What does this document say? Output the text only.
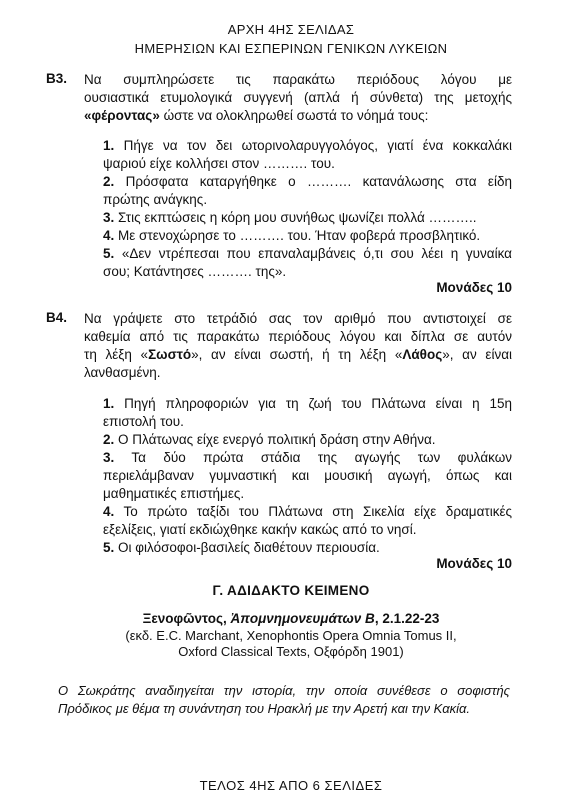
ΑΡΧΗ 4ΗΣ ΣΕΛΙΔΑΣ
ΗΜΕΡΗΣΙΩΝ ΚΑΙ ΕΣΠΕΡΙΝΩΝ ΓΕΝΙΚΩΝ ΛΥΚΕΙΩΝ
Β3. Να συμπληρώσετε τις παρακάτω περιόδους λόγου με
ουσιαστικά ετυμολογικά συγγενή (απλά ή σύνθετα) της μετοχής
«φέροντας» ώστε να ολοκληρωθεί σωστά το νόημά τους:
1. Πήγε να τον δει ωτορινολαρυγγολόγος, γιατί ένα κοκκαλάκι
ψαριού είχε κολλήσει στον ………. του.
2. Πρόσφατα καταργήθηκε ο ………. κατανάλωσης στα είδη
πρώτης ανάγκης.
3. Στις εκπτώσεις η κόρη μου συνήθως ψωνίζει πολλά ………..
4. Με στενοχώρησε το ………. του. Ήταν φοβερά προσβλητικό.
5. «Δεν ντρέπεσαι που επαναλαμβάνεις ό,τι σου λέει η γυναίκα
σου; Κατάντησες ………. της».
Μονάδες 10
Β4. Να γράψετε στο τετράδιό σας τον αριθμό που αντιστοιχεί σε
καθεμία από τις παρακάτω περιόδους λόγου και δίπλα σε αυτόν
τη λέξη «Σωστό», αν είναι σωστή, ή τη λέξη «Λάθος», αν είναι
λανθασμένη.
1. Πηγή πληροφοριών για τη ζωή του Πλάτωνα είναι η 15η
επιστολή του.
2. Ο Πλάτωνας είχε ενεργό πολιτική δράση στην Αθήνα.
3. Τα δύο πρώτα στάδια της αγωγής των φυλάκων
περιελάμβαναν γυμναστική και μουσική αγωγή, όπως και
μαθηματικές επιστήμες.
4. Το πρώτο ταξίδι του Πλάτωνα στη Σικελία είχε δραματικές
εξελίξεις, γιατί εκδιώχθηκε κακήν κακώς από το νησί.
5. Οι φιλόσοφοι-βασιλείς διαθέτουν περιουσία.
Μονάδες 10
Γ. ΑΔΙΔΑΚΤΟ ΚΕΙΜΕΝΟ
Ξενοφῶντος, Ἀπομνημονευμάτων Β, 2.1.22-23
(εκδ. E.C. Marchant, Xenophontis Opera Omnia Tomus II,
Oxford Classical Texts, Οξφόρδη 1901)
Ο Σωκράτης αναδιηγείται την ιστορία, την οποία συνέθεσε ο σοφιστής
Πρόδικος με θέμα τη συνάντηση του Ηρακλή με την Αρετή και την Κακία.
ΤΕΛΟΣ 4ΗΣ ΑΠΟ 6 ΣΕΛΙΔΕΣ
